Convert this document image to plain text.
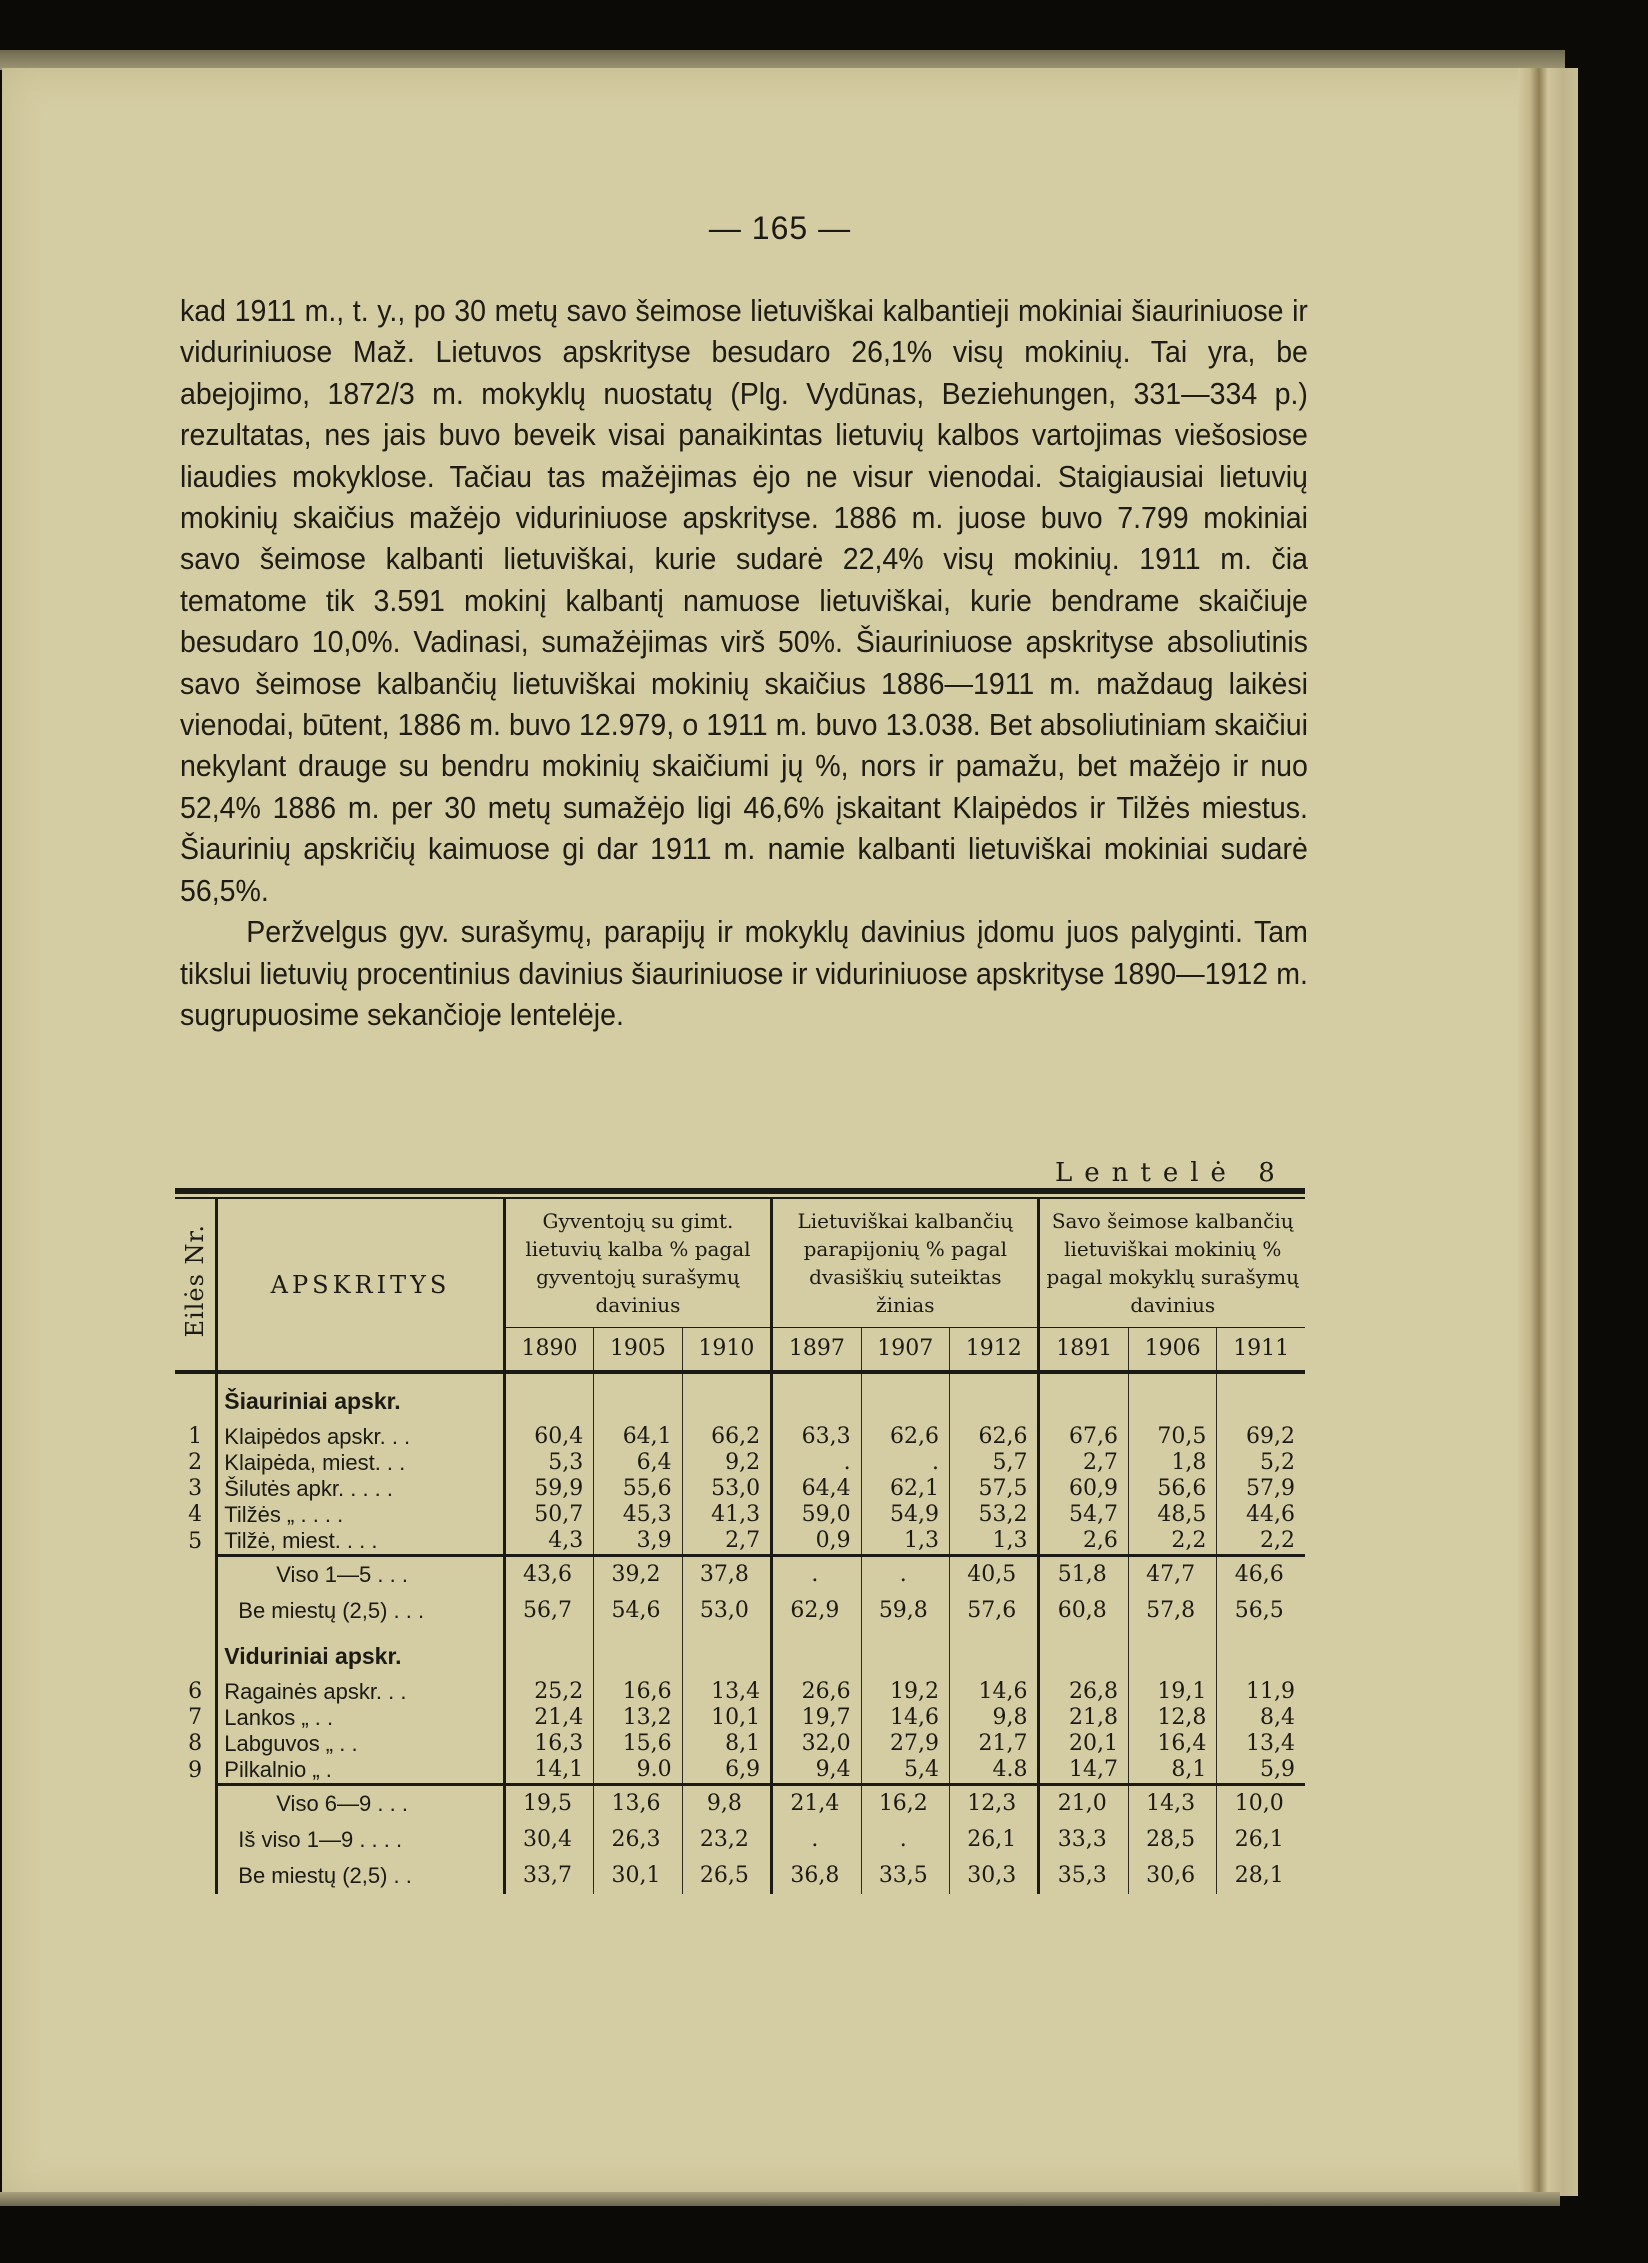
— 165 —

kad 1911 m., t. y., po 30 metų savo šeimose lietuviškai kalbantieji mokiniai šiauriniuose ir viduriniuose Maž. Lietuvos apskrityse besudaro 26,1% visų mokinių. Tai yra, be abejojimo, 1872/3 m. mokyklų nuostatų (Plg. Vydūnas, Beziehungen, 331—334 p.) rezultatas, nes jais buvo beveik visai panaikintas lietuvių kalbos vartojimas viešosiose liaudies mokyklose. Tačiau tas mažėjimas ėjo ne visur vienodai. Staigiausiai lietuvių mokinių skaičius mažėjo viduriniuose apskrityse. 1886 m. juose buvo 7.799 mokiniai savo šeimose kalbanti lietuviškai, kurie sudarė 22,4% visų mokinių. 1911 m. čia tematome tik 3.591 mokinį kalbantį namuose lietuviškai, kurie bendrame skaičiuje besudaro 10,0%. Vadinasi, sumažėjimas virš 50%. Šiauriniuose apskrityse absoliutinis savo šeimose kalbančių lietuviškai mokinių skaičius 1886—1911 m. maždaug laikėsi vienodai, būtent, 1886 m. buvo 12.979, o 1911 m. buvo 13.038. Bet absoliutiniam skaičiui nekylant drauge su bendru mokinių skaičiumi jų %, nors ir pamažu, bet mažėjo ir nuo 52,4% 1886 m. per 30 metų sumažėjo ligi 46,6% įskaitant Klaipėdos ir Tilžės miestus. Šiaurinių apskričių kaimuose gi dar 1911 m. namie kalbanti lietuviškai mokiniai sudarė 56,5%.

Peržvelgus gyv. surašymų, parapijų ir mokyklų davinius įdomu juos palyginti. Tam tikslui lietuvių procentinius davinius šiauriniuose ir viduriniuose apskrityse 1890—1912 m. sugrupuosime sekančioje lentelėje.

Lentelė 8
Eilės Nr.	APSKRITYS	Gyventojų su gimt. lietuvių kalba % pagal gyventojų surašymų davinius			Lietuviškai kalbančių parapijonių % pagal dvasiškių suteiktas žinias			Savo šeimose kalbančių lietuviškai mokinių % pagal mokyklų surašymų davinius		
		1890	1905	1910	1897	1907	1912	1891	1906	1911

	Šiauriniai apskr.									
1	Klaipėdos apskr. . .	60,4	64,1	66,2	63,3	62,6	62,6	67,6	70,5	69,2
2	Klaipėda, miest. . .	5,3	6,4	9,2	.	.	5,7	2,7	1,8	5,2
3	Šilutės apkr. . . . .	59,9	55,6	53,0	64,4	62,1	57,5	60,9	56,6	57,9
4	Tilžės „ . . . .	50,7	45,3	41,3	59,0	54,9	53,2	54,7	48,5	44,6
5	Tilžė, miest. . . .	4,3	3,9	2,7	0,9	1,3	1,3	2,6	2,2	2,2
	Viso 1—5 . . .	43,6	39,2	37,8	.	.	40,5	51,8	47,7	46,6
	Be miestų (2,5) . . .	56,7	54,6	53,0	62,9	59,8	57,6	60,8	57,8	56,5
	Viduriniai apskr.									
6	Ragainės apskr. . .	25,2	16,6	13,4	26,6	19,2	14,6	26,8	19,1	11,9
7	Lankos „ . .	21,4	13,2	10,1	19,7	14,6	9,8	21,8	12,8	8,4
8	Labguvos „ . .	16,3	15,6	8,1	32,0	27,9	21,7	20,1	16,4	13,4
9	Pilkalnio „ .	14,1	9.0	6,9	9,4	5,4	4.8	14,7	8,1	5,9
	Viso 6—9 . . .	19,5	13,6	9,8	21,4	16,2	12,3	21,0	14,3	10,0
	Iš viso 1—9 . . . .	30,4	26,3	23,2	.	.	26,1	33,3	28,5	26,1
	Be miestų (2,5) . .	33,7	30,1	26,5	36,8	33,5	30,3	35,3	30,6	28,1
